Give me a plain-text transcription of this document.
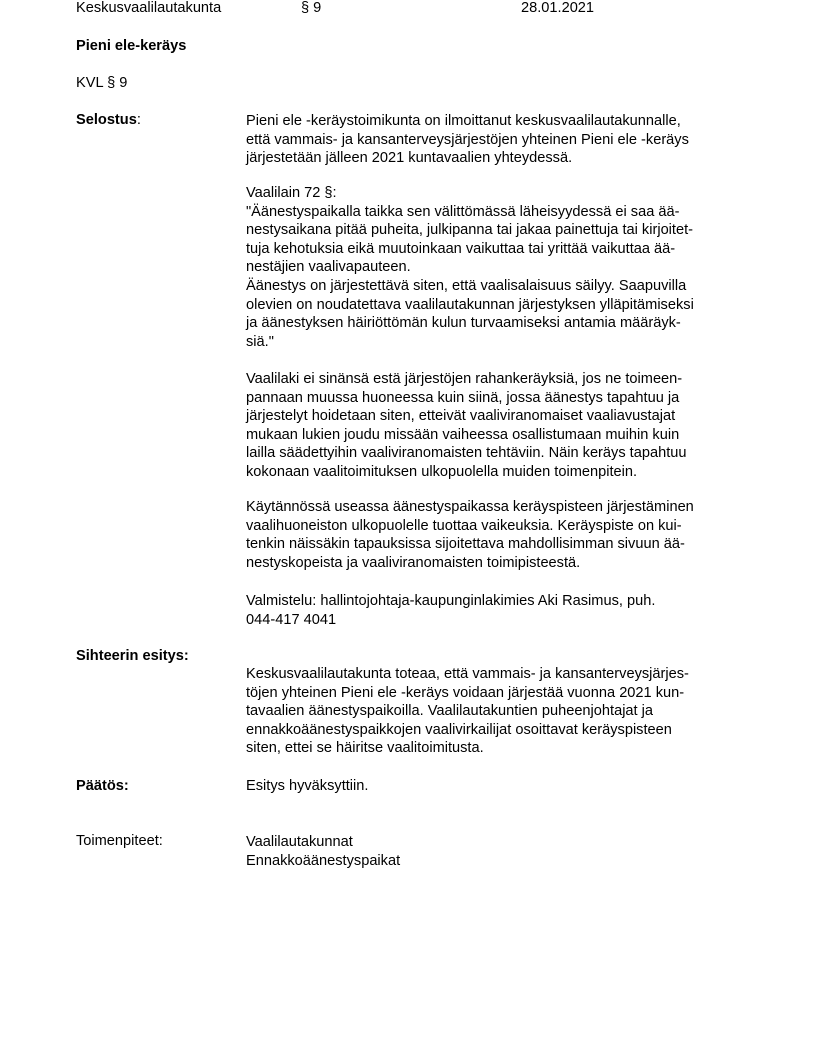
Keskusvaalilautakunta	§ 9	28.01.2021
Pieni ele-keräys
KVL § 9
Selostus:	Pieni ele -keräystoimikunta on ilmoittanut keskusvaalilautakunnalle,
että vammais- ja kansanterveysjärjestöjen yhteinen Pieni ele -keräys
järjestetään jälleen 2021 kuntavaalien yhteydessä.
Vaalilain 72 §:
"Äänestyspaikalla taikka sen välittömässä läheisyydessä ei saa ää-
nestysaikana pitää puheita, julkipanna tai jakaa painettuja tai kirjoitet-
tuja kehotuksia eikä muutoinkaan vaikuttaa tai yrittää vaikuttaa ää-
nestäjien vaalivapauteen.
Äänestys on järjestettävä siten, että vaalisalaisuus säilyy. Saapuvilla
olevien on noudatettava vaalilautakunnan järjestyksen ylläpitämiseksi
ja äänestyksen häiriöttömän kulun turvaamiseksi antamia määräyk-
siä."
Vaalilaki ei sinänsä estä järjestöjen rahankeräyksiä, jos ne toimeen-
pannaan muussa huoneessa kuin siinä, jossa äänestys tapahtuu ja
järjestelyt hoidetaan siten, etteivät vaaliviranomaiset vaaliavustajat
mukaan lukien joudu missään vaiheessa osallistumaan muihin kuin
lailla säädettyihin vaaliviranomaisten tehtäviin. Näin keräys tapahtuu
kokonaan vaalitoimituksen ulkopuolella muiden toimenpitein.
Käytännössä useassa äänestyspaikassa keräyspisteen järjestäminen
vaalihuoneiston ulkopuolelle tuottaa vaikeuksia. Keräyspiste on kui-
tenkin näissäkin tapauksissa sijoitettava mahdollisimman sivuun ää-
nestyskopeista ja vaaliviranomaisten toimipisteestä.
Valmistelu: hallintojohtaja-kaupunginlakimies Aki Rasimus, puh.
044-417 4041
Sihteerin esitys:
Keskusvaalilautakunta toteaa, että vammais- ja kansanterveysjärjes-
töjen yhteinen Pieni ele -keräys voidaan järjestää vuonna 2021 kun-
tavaalien äänestyspaikoilla. Vaalilautakuntien puheenjohtajat ja
ennakkoäänestyspaikkojen vaalivirkailijat osoittavat keräyspisteen
siten, ettei se häiritse vaalitoimitusta.
Päätös:	Esitys hyväksyttiin.
Toimenpiteet:	Vaalilautakunnat
Ennakkoäänestyspaikat
